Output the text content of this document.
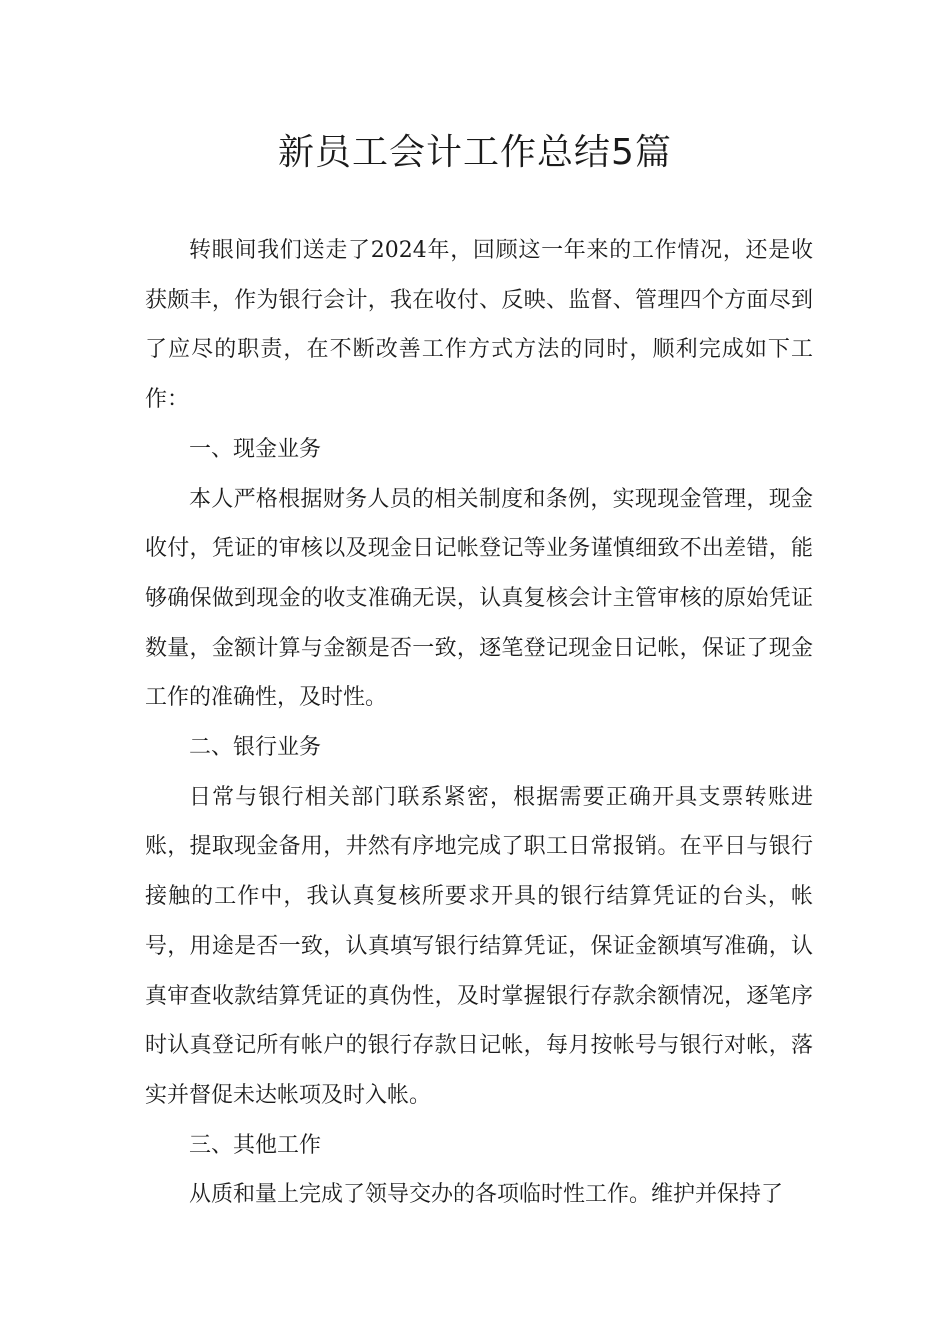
新员工会计工作总结5篇

转眼间我们送走了2024年，回顾这一年来的工作情况，还是收获颇丰，作为银行会计，我在收付、反映、监督、管理四个方面尽到了应尽的职责，在不断改善工作方式方法的同时，顺利完成如下工作：

一、现金业务

本人严格根据财务人员的相关制度和条例，实现现金管理，现金收付，凭证的审核以及现金日记帐登记等业务谨慎细致不出差错，能够确保做到现金的收支准确无误，认真复核会计主管审核的原始凭证数量，金额计算与金额是否一致，逐笔登记现金日记帐，保证了现金工作的准确性，及时性。

二、银行业务

日常与银行相关部门联系紧密，根据需要正确开具支票转账进账，提取现金备用，井然有序地完成了职工日常报销。在平日与银行接触的工作中，我认真复核所要求开具的银行结算凭证的台头，帐号，用途是否一致，认真填写银行结算凭证，保证金额填写准确，认真审查收款结算凭证的真伪性，及时掌握银行存款余额情况，逐笔序时认真登记所有帐户的银行存款日记帐，每月按帐号与银行对帐，落实并督促未达帐项及时入帐。

三、其他工作

从质和量上完成了领导交办的各项临时性工作。维护并保持了
